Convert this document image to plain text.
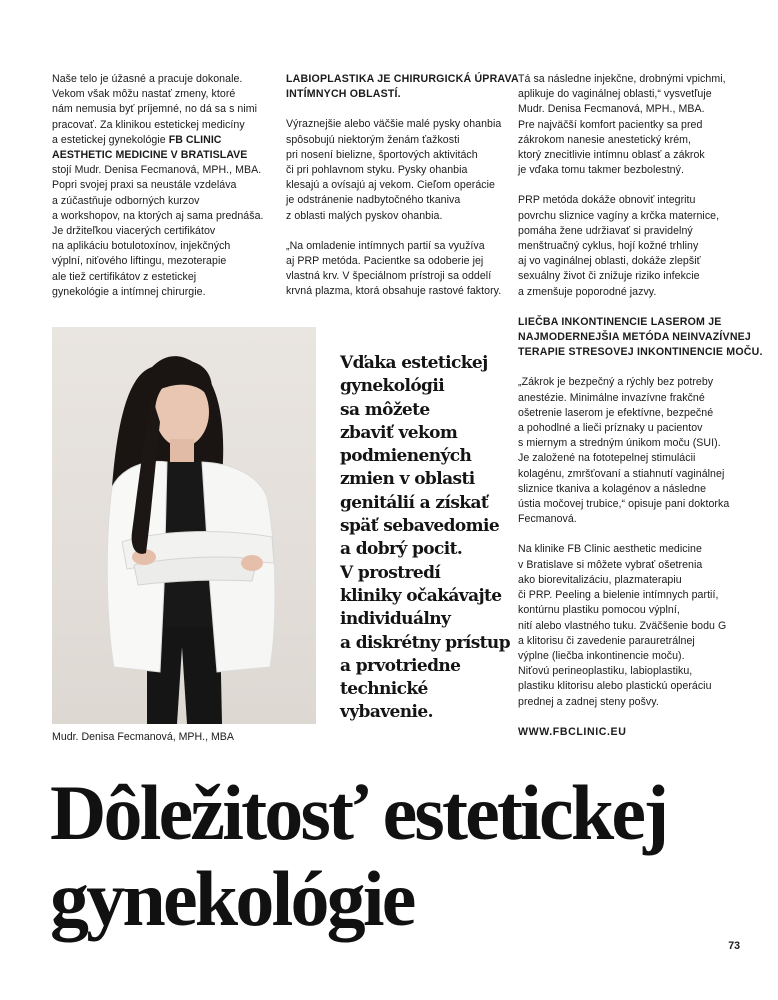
Naše telo je úžasné a pracuje dokonale.
Vekom však môžu nastať zmeny, ktoré
nám nemusia byť príjemné, no dá sa s nimi
pracovať. Za klinikou estetickej medicíny
a estetickej gynekológie FB CLINIC
AESTHETIC MEDICINE V BRATISLAVE
stojí Mudr. Denisa Fecmanová, MPH., MBA.
Popri svojej praxi sa neustále vzdeláva
a zúčastňuje odborných kurzov
a workshopov, na ktorých aj sama prednáša.
Je držiteľkou viacerých certifikátov
na aplikáciu botulotoxínov, injekčných
výplní, niťového liftingu, mezoterapie
ale tiež certifikátov z estetickej
gynekológie a intímnej chirurgie.

LABIOPLASTIKA JE CHIRURGICKÁ ÚPRAVA
INTÍMNYCH OBLASTÍ.

Výraznejšie alebo väčšie malé pysky ohanbia
spôsobujú niektorým ženám ťažkosti
pri nosení bielizne, športových aktivitách
či pri pohlavnom styku. Pysky ohanbia
klesajú a ovísajú aj vekom. Cieľom operácie
je odstránenie nadbytočného tkaniva
z oblasti malých pyskov ohanbia.

„Na omladenie intímnych partií sa využíva
aj PRP metóda. Pacientke sa odoberie jej
vlastná krv. V špeciálnom prístroji sa oddelí
krvná plazma, ktorá obsahuje rastové faktory.

Tá sa následne injekčne, drobnými vpichmi,
aplikuje do vaginálnej oblasti,“ vysvetľuje
Mudr. Denisa Fecmanová, MPH., MBA.
Pre najväčší komfort pacientky sa pred
zákrokom nanesie anestetický krém,
ktorý znecitlivie intímnu oblasť a zákrok
je vďaka tomu takmer bezbolestný.

PRP metóda dokáže obnoviť integritu
povrchu sliznice vagíny a krčka maternice,
pomáha žene udržiavať si pravidelný
menštruačný cyklus, hojí kožné trhliny
aj vo vaginálnej oblasti, dokáže zlepšiť
sexuálny život či znižuje riziko infekcie
a zmenšuje poporodné jazvy.

LIEČBA INKONTINENCIE LASEROM JE
NAJMODERNEJŠIA METÓDA NEINVAZÍVNEJ
TERAPIE STRESOVEJ INKONTINENCIE MOČU.

„Zákrok je bezpečný a rýchly bez potreby
anestézie. Minimálne invazívne frakčné
ošetrenie laserom je efektívne, bezpečné
a pohodlné a lieči príznaky u pacientov
s miernym a stredným únikom moču (SUI).
Je založené na fototepelnej stimulácii
kolagénu, zmršťovaní a stiahnutí vaginálnej
sliznice tkaniva a kolagénov a následne
ústia močovej trubice,“ opisuje pani doktorka
Fecmanová.

Na klinike FB Clinic aesthetic medicine
v Bratislave si môžete vybrať ošetrenia
ako biorevitalizáciu, plazmaterapiu
či PRP. Peeling a bielenie intímnych partií,
kontúrnu plastiku pomocou výplní,
nití alebo vlastného tuku. Zväčšenie bodu G
a klitorisu či zavedenie parauretrálnej
výplne (liečba inkontinencie moču).
Niťovú perineoplastiku, labioplastiku,
plastiku klitorisu alebo plastickú operáciu
prednej a zadnej steny pošvy.

WWW.FBCLINIC.EU

Mudr. Denisa Fecmanová, MPH., MBA
Vďaka estetickej
gynekológii
sa môžete
zbaviť vekom
podmienených
zmien v oblasti
genitálií a získať
späť sebavedomie
a dobrý pocit.
V prostredí
kliniky očakávajte
individuálny
a diskrétny prístup
a prvotriedne
technické
vybavenie.
Dôležitosť estetickej
gynekológie
73
